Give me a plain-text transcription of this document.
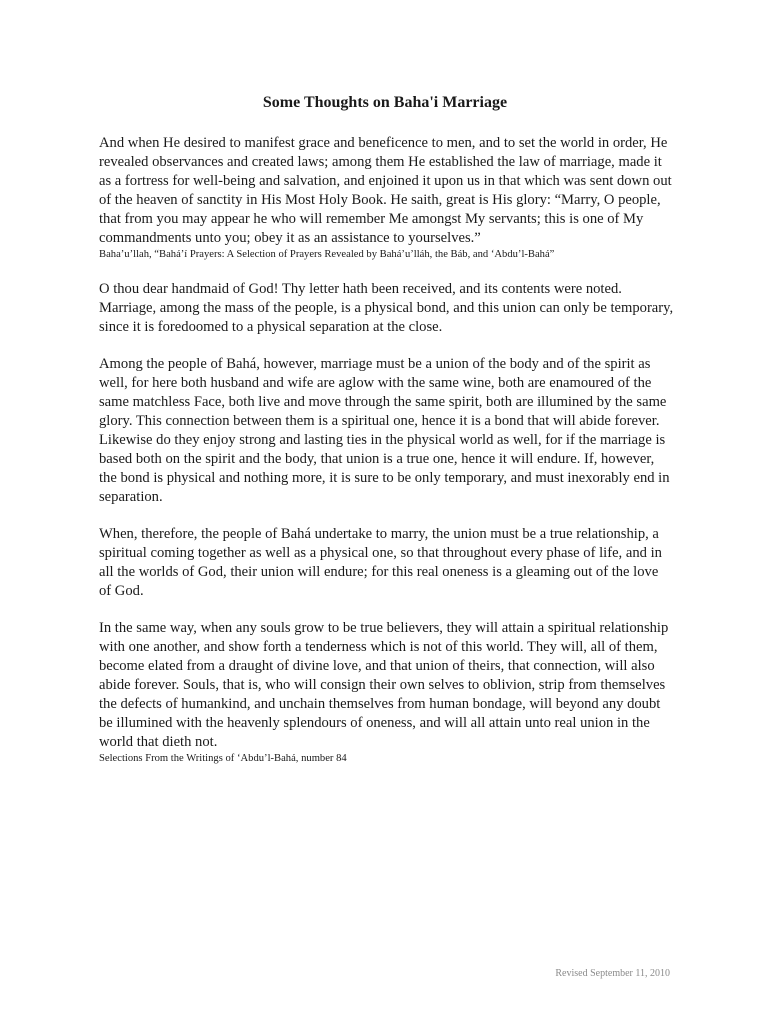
Some Thoughts on Baha'i Marriage

And when He desired to manifest grace and beneficence to men, and to set the world in order, He revealed observances and created laws; among them He established the law of marriage, made it as a fortress for well-being and salvation, and enjoined it upon us in that which was sent down out of the heaven of sanctity in His Most Holy Book. He saith, great is His glory: “Marry, O people, that from you may appear he who will remember Me amongst My servants; this is one of My commandments unto you; obey it as an assistance to yourselves.”

Baha’u’llah, “Bahá’í Prayers: A Selection of Prayers Revealed by Bahá’u’lláh, the Báb, and ‘Abdu’l-Bahá”

O thou dear handmaid of God! Thy letter hath been received, and its contents were noted. Marriage, among the mass of the people, is a physical bond, and this union can only be temporary, since it is foredoomed to a physical separation at the close.

Among the people of Bahá, however, marriage must be a union of the body and of the spirit as well, for here both husband and wife are aglow with the same wine, both are enamoured of the same matchless Face, both live and move through the same spirit, both are illumined by the same glory. This connection between them is a spiritual one, hence it is a bond that will abide forever. Likewise do they enjoy strong and lasting ties in the physical world as well, for if the marriage is based both on the spirit and the body, that union is a true one, hence it will endure. If, however, the bond is physical and nothing more, it is sure to be only temporary, and must inexorably end in separation.

When, therefore, the people of Bahá undertake to marry, the union must be a true relationship, a spiritual coming together as well as a physical one, so that throughout every phase of life, and in all the worlds of God, their union will endure; for this real oneness is a gleaming out of the love of God.

In the same way, when any souls grow to be true believers, they will attain a spiritual relationship with one another, and show forth a tenderness which is not of this world. They will, all of them, become elated from a draught of divine love, and that union of theirs, that connection, will also abide forever. Souls, that is, who will consign their own selves to oblivion, strip from themselves the defects of humankind, and unchain themselves from human bondage, will beyond any doubt be illumined with the heavenly splendours of oneness, and will all attain unto real union in the world that dieth not.

Selections From the Writings of ‘Abdu’l-Bahá, number 84

Revised September 11, 2010
